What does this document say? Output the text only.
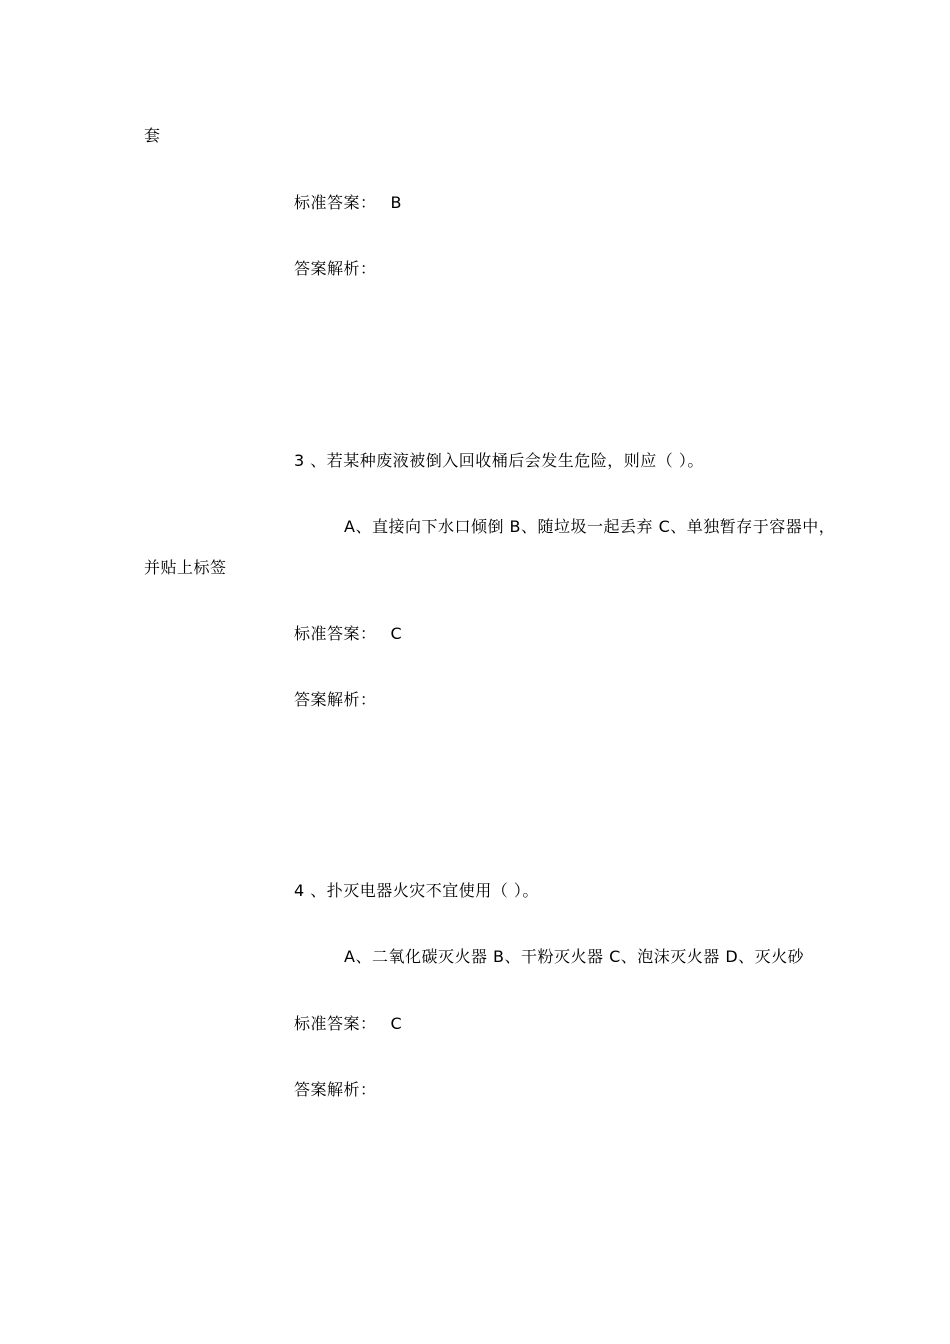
套
标准答案： B
答案解析：
3 、若某种废液被倒入回收桶后会发生危险，则应（ ）。
A、直接向下水口倾倒 B、随垃圾一起丢弃 C、单独暂存于容器中，
并贴上标签
标准答案： C
答案解析：
4 、扑灭电器火灾不宜使用（ ）。
A、二氧化碳灭火器 B、干粉灭火器 C、泡沫灭火器 D、灭火砂
标准答案： C
答案解析：
